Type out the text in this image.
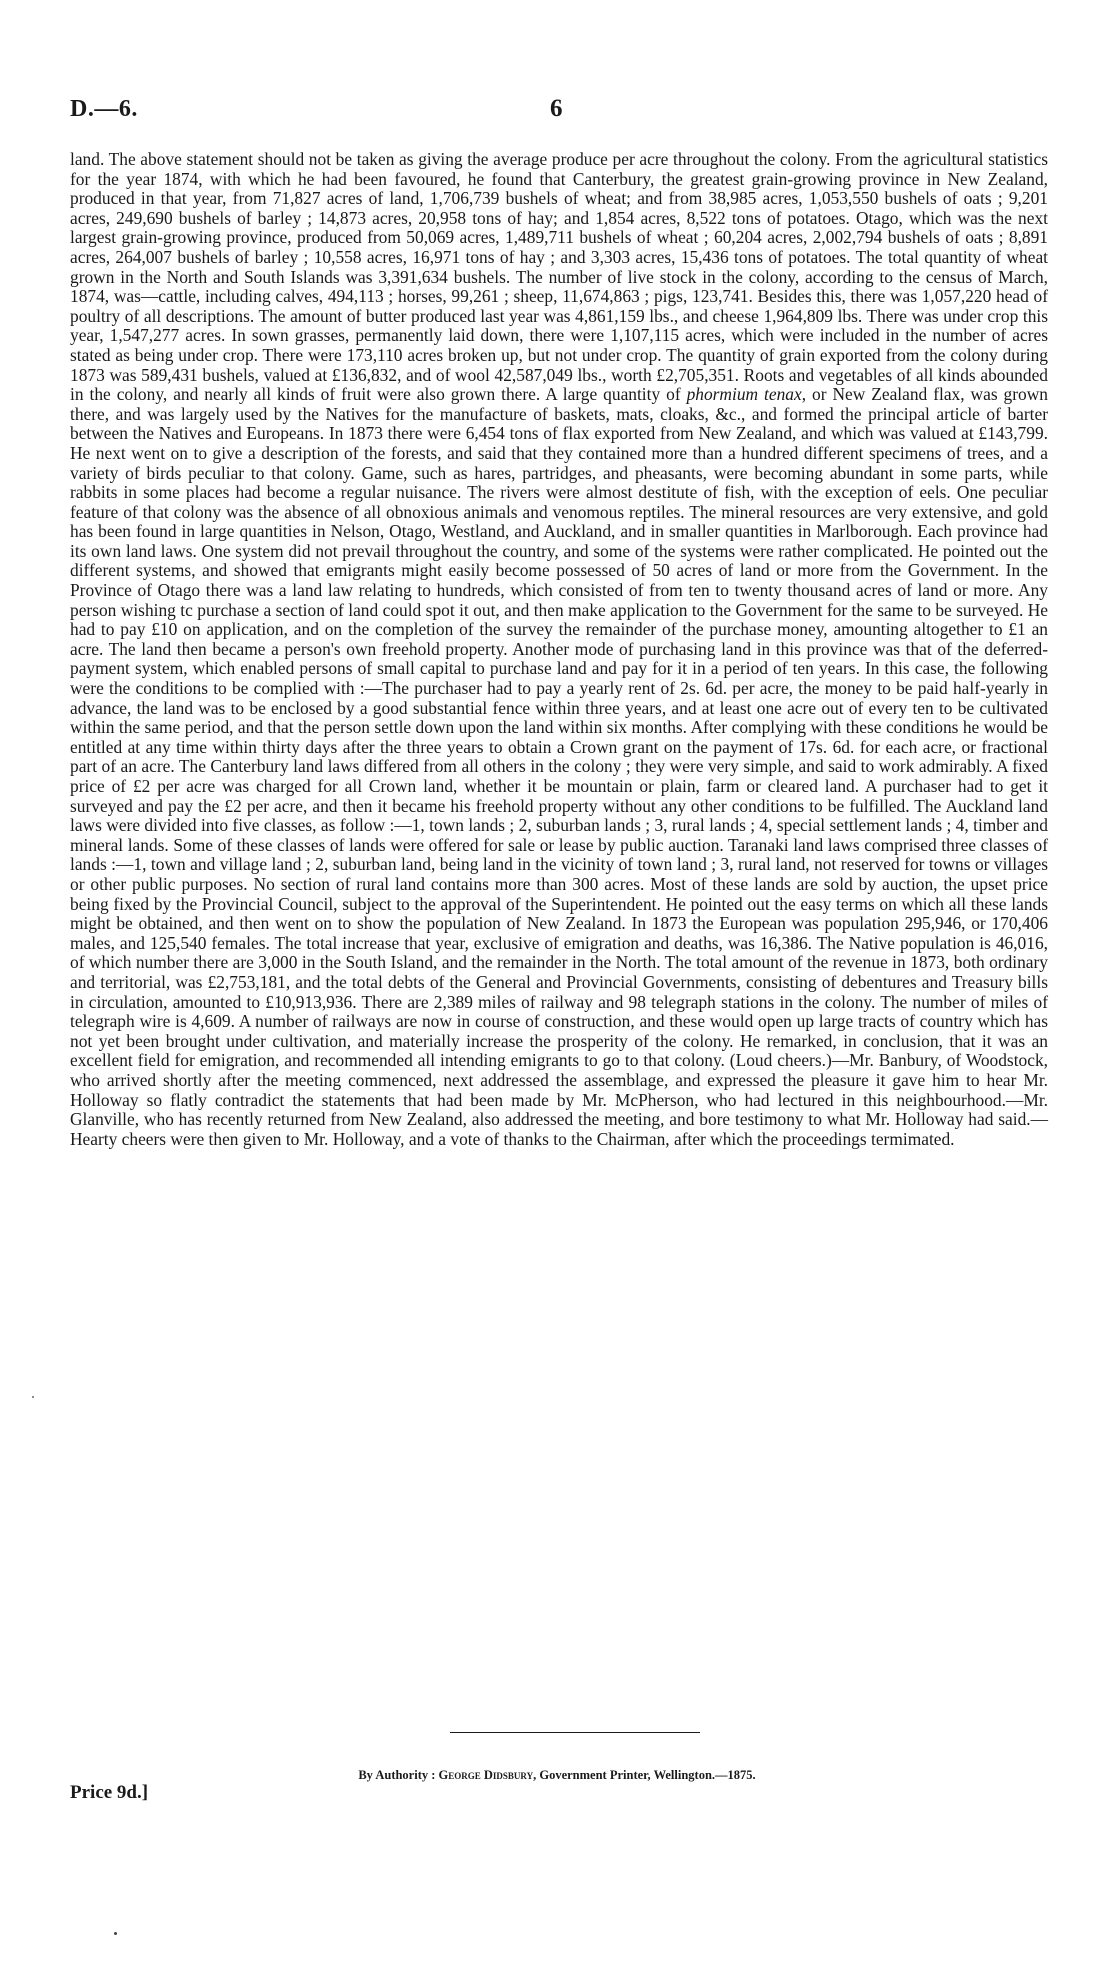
D.—6.	6

land. The above statement should not be taken as giving the average produce per acre throughout the colony. From the agricultural statistics for the year 1874, with which he had been favoured, he found that Canterbury, the greatest grain-growing province in New Zealand, produced in that year, from 71,827 acres of land, 1,706,739 bushels of wheat; and from 38,985 acres, 1,053,550 bushels of oats ; 9,201 acres, 249,690 bushels of barley ; 14,873 acres, 20,958 tons of hay; and 1,854 acres, 8,522 tons of potatoes. Otago, which was the next largest grain-growing province, produced from 50,069 acres, 1,489,711 bushels of wheat ; 60,204 acres, 2,002,794 bushels of oats ; 8,891 acres, 264,007 bushels of barley ; 10,558 acres, 16,971 tons of hay ; and 3,303 acres, 15,436 tons of potatoes. The total quantity of wheat grown in the North and South Islands was 3,391,634 bushels. The number of live stock in the colony, according to the census of March, 1874, was—cattle, including calves, 494,113 ; horses, 99,261 ; sheep, 11,674,863 ; pigs, 123,741. Besides this, there was 1,057,220 head of poultry of all descriptions. The amount of butter produced last year was 4,861,159 lbs., and cheese 1,964,809 lbs. There was under crop this year, 1,547,277 acres. In sown grasses, permanently laid down, there were 1,107,115 acres, which were included in the number of acres stated as being under crop. There were 173,110 acres broken up, but not under crop. The quantity of grain exported from the colony during 1873 was 589,431 bushels, valued at £136,832, and of wool 42,587,049 lbs., worth £2,705,351. Roots and vegetables of all kinds abounded in the colony, and nearly all kinds of fruit were also grown there. A large quantity of phormium tenax, or New Zealand flax, was grown there, and was largely used by the Natives for the manufacture of baskets, mats, cloaks, &c., and formed the principal article of barter between the Natives and Europeans. In 1873 there were 6,454 tons of flax exported from New Zealand, and which was valued at £143,799. He next went on to give a description of the forests, and said that they contained more than a hundred different specimens of trees, and a variety of birds peculiar to that colony. Game, such as hares, partridges, and pheasants, were becoming abundant in some parts, while rabbits in some places had become a regular nuisance. The rivers were almost destitute of fish, with the exception of eels. One peculiar feature of that colony was the absence of all obnoxious animals and venomous reptiles. The mineral resources are very extensive, and gold has been found in large quantities in Nelson, Otago, Westland, and Auckland, and in smaller quantities in Marlborough. Each province had its own land laws. One system did not prevail throughout the country, and some of the systems were rather complicated. He pointed out the different systems, and showed that emigrants might easily become possessed of 50 acres of land or more from the Government. In the Province of Otago there was a land law relating to hundreds, which consisted of from ten to twenty thousand acres of land or more. Any person wishing tc purchase a section of land could spot it out, and then make application to the Government for the same to be surveyed. He had to pay £10 on application, and on the completion of the survey the remainder of the purchase money, amounting altogether to £1 an acre. The land then became a person's own freehold property. Another mode of purchasing land in this province was that of the deferred-payment system, which enabled persons of small capital to purchase land and pay for it in a period of ten years. In this case, the following were the conditions to be complied with :—The purchaser had to pay a yearly rent of 2s. 6d. per acre, the money to be paid half-yearly in advance, the land was to be enclosed by a good substantial fence within three years, and at least one acre out of every ten to be cultivated within the same period, and that the person settle down upon the land within six months. After complying with these conditions he would be entitled at any time within thirty days after the three years to obtain a Crown grant on the payment of 17s. 6d. for each acre, or fractional part of an acre. The Canterbury land laws differed from all others in the colony ; they were very simple, and said to work admirably. A fixed price of £2 per acre was charged for all Crown land, whether it be mountain or plain, farm or cleared land. A purchaser had to get it surveyed and pay the £2 per acre, and then it became his freehold property without any other conditions to be fulfilled. The Auckland land laws were divided into five classes, as follow :—1, town lands ; 2, suburban lands ; 3, rural lands ; 4, special settlement lands ; 4, timber and mineral lands. Some of these classes of lands were offered for sale or lease by public auction. Taranaki land laws comprised three classes of lands :—1, town and village land ; 2, suburban land, being land in the vicinity of town land ; 3, rural land, not reserved for towns or villages or other public purposes. No section of rural land contains more than 300 acres. Most of these lands are sold by auction, the upset price being fixed by the Provincial Council, subject to the approval of the Superintendent. He pointed out the easy terms on which all these lands might be obtained, and then went on to show the population of New Zealand. In 1873 the European was population 295,946, or 170,406 males, and 125,540 females. The total increase that year, exclusive of emigration and deaths, was 16,386. The Native population is 46,016, of which number there are 3,000 in the South Island, and the remainder in the North. The total amount of the revenue in 1873, both ordinary and territorial, was £2,753,181, and the total debts of the General and Provincial Governments, consisting of debentures and Treasury bills in circulation, amounted to £10,913,936. There are 2,389 miles of railway and 98 telegraph stations in the colony. The number of miles of telegraph wire is 4,609. A number of railways are now in course of construction, and these would open up large tracts of country which has not yet been brought under cultivation, and materially increase the prosperity of the colony. He remarked, in conclusion, that it was an excellent field for emigration, and recommended all intending emigrants to go to that colony. (Loud cheers.)—Mr. Banbury, of Woodstock, who arrived shortly after the meeting commenced, next addressed the assemblage, and expressed the pleasure it gave him to hear Mr. Holloway so flatly contradict the statements that had been made by Mr. McPherson, who had lectured in this neighbourhood.—Mr. Glanville, who has recently returned from New Zealand, also addressed the meeting, and bore testimony to what Mr. Holloway had said.—Hearty cheers were then given to Mr. Holloway, and a vote of thanks to the Chairman, after which the proceedings termimated.

By Authority : George Didsbury, Government Printer, Wellington.—1875.
Price 9d.]
